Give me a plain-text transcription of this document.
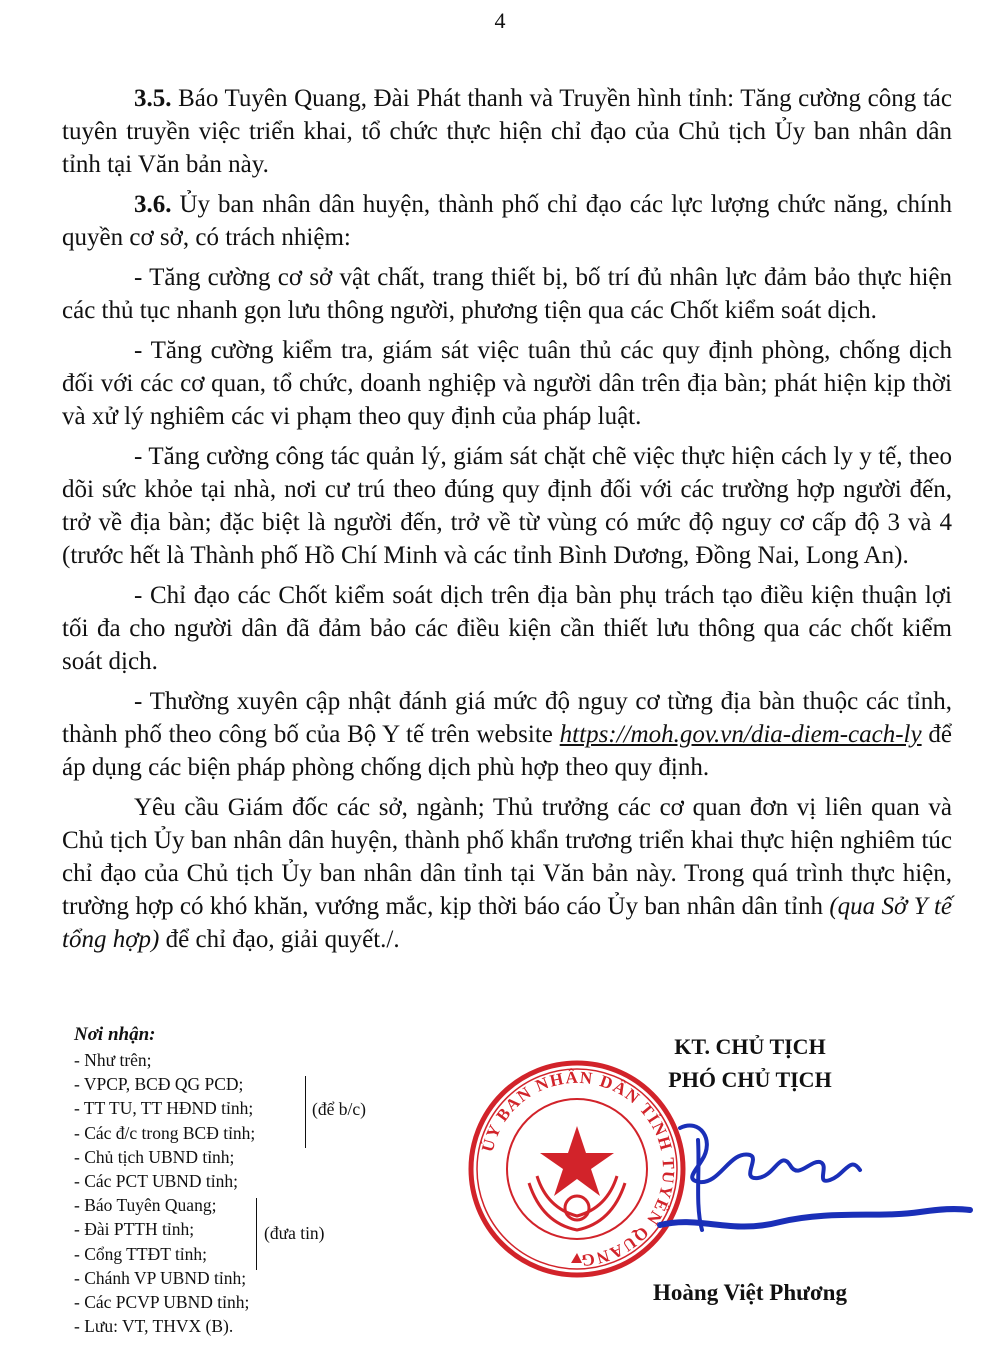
4

3.5. Báo Tuyên Quang, Đài Phát thanh và Truyền hình tỉnh: Tăng cường công tác tuyên truyền việc triển khai, tổ chức thực hiện chỉ đạo của Chủ tịch Ủy ban nhân dân tỉnh tại Văn bản này.

3.6. Ủy ban nhân dân huyện, thành phố chỉ đạo các lực lượng chức năng, chính quyền cơ sở, có trách nhiệm:

- Tăng cường cơ sở vật chất, trang thiết bị, bố trí đủ nhân lực đảm bảo thực hiện các thủ tục nhanh gọn lưu thông người, phương tiện qua các Chốt kiểm soát dịch.

- Tăng cường kiểm tra, giám sát việc tuân thủ các quy định phòng, chống dịch đối với các cơ quan, tổ chức, doanh nghiệp và người dân trên địa bàn; phát hiện kịp thời và xử lý nghiêm các vi phạm theo quy định của pháp luật.

- Tăng cường công tác quản lý, giám sát chặt chẽ việc thực hiện cách ly y tế, theo dõi sức khỏe tại nhà, nơi cư trú theo đúng quy định đối với các trường hợp người đến, trở về địa bàn; đặc biệt là người đến, trở về từ vùng có mức độ nguy cơ cấp độ 3 và 4 (trước hết là Thành phố Hồ Chí Minh và các tỉnh Bình Dương, Đồng Nai, Long An).

- Chỉ đạo các Chốt kiểm soát dịch trên địa bàn phụ trách tạo điều kiện thuận lợi tối đa cho người dân đã đảm bảo các điều kiện cần thiết lưu thông qua các chốt kiểm soát dịch.

- Thường xuyên cập nhật đánh giá mức độ nguy cơ từng địa bàn thuộc các tỉnh, thành phố theo công bố của Bộ Y tế trên website https://moh.gov.vn/dia-diem-cach-ly để áp dụng các biện pháp phòng chống dịch phù hợp theo quy định.

Yêu cầu Giám đốc các sở, ngành; Thủ trưởng các cơ quan đơn vị liên quan và Chủ tịch Ủy ban nhân dân huyện, thành phố khẩn trương triển khai thực hiện nghiêm túc chỉ đạo của Chủ tịch Ủy ban nhân dân tỉnh tại Văn bản này. Trong quá trình thực hiện, trường hợp có khó khăn, vướng mắc, kịp thời báo cáo Ủy ban nhân dân tỉnh (qua Sở Y tế tổng hợp) để chỉ đạo, giải quyết./.

Nơi nhận:
- Như trên;
- VPCP, BCĐ QG PCD;
- TT TU, TT HĐND tỉnh;
- Các đ/c trong BCĐ tỉnh;
- Chủ tịch UBND tỉnh;
- Các PCT UBND tỉnh;
- Báo Tuyên Quang;
- Đài PTTH tỉnh;
- Cổng TTĐT tỉnh;
- Chánh VP UBND tỉnh;
- Các PCVP UBND tỉnh;
- Lưu: VT, THVX (B).
(để b/c)
(đưa tin)
KT. CHỦ TỊCH
PHÓ CHỦ TỊCH
ỦY BAN NHÂN DÂN TỈNH TUYÊN QUANG
Hoàng Việt Phương
